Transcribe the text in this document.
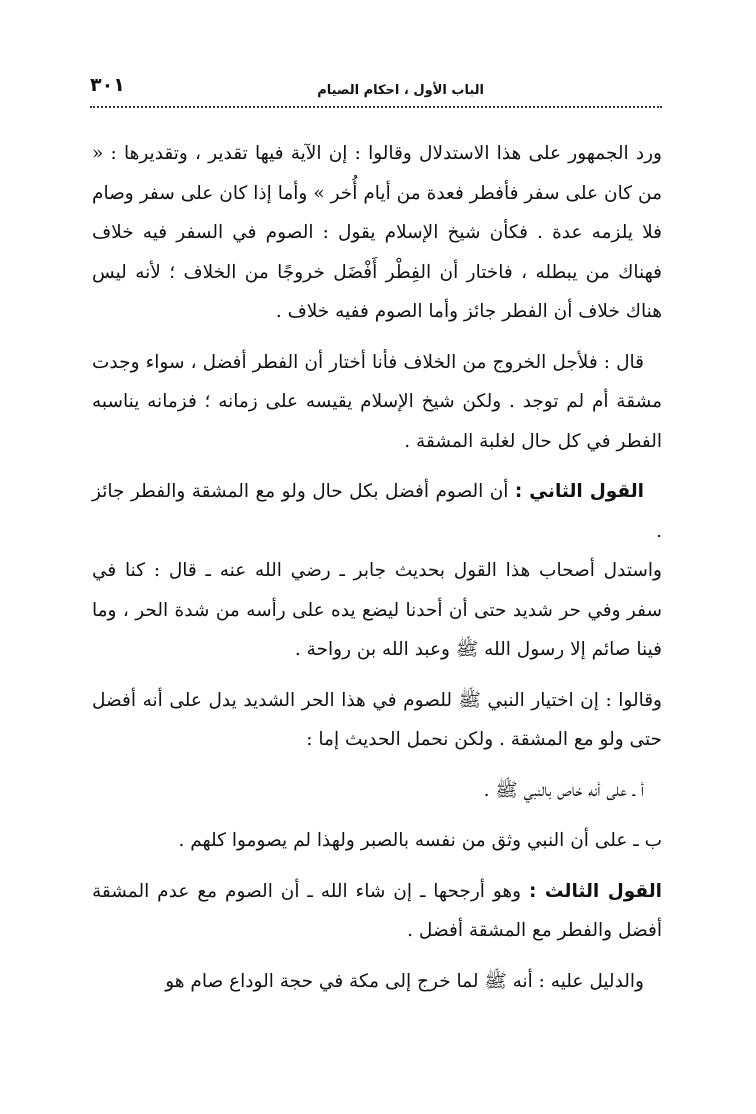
٣٠١	الباب الأول ، احكام الصيام

ورد الجمهور على هذا الاستدلال وقالوا : إن الآية فيها تقدير ، وتقديرها : « من كان على سفر فأفطر فعدة من أيام أُخر » وأما إذا كان على سفر وصام فلا يلزمه عدة . فكأن شيخ الإسلام يقول : الصوم في السفر فيه خلاف فهناك من يبطله ، فاختار أن الفِطْر أَفْضَل خروجًا من الخلاف ؛ لأنه ليس هناك خلاف أن الفطر جائز وأما الصوم ففيه خلاف .

قال : فلأجل الخروج من الخلاف فأنا أختار أن الفطر أفضل ، سواء وجدت مشقة أم لم توجد . ولكن شيخ الإسلام يقيسه على زمانه ؛ فزمانه يناسبه الفطر في كل حال لغلبة المشقة .

القول الثاني : أن الصوم أفضل بكل حال ولو مع المشقة والفطر جائز .

واستدل أصحاب هذا القول بحديث جابر ـ رضي الله عنه ـ قال : كنا في سفر وفي حر شديد حتى أن أحدنا ليضع يده على رأسه من شدة الحر ، وما فينا صائم إلا رسول الله ﷺ وعبد الله بن رواحة .

وقالوا : إن اختيار النبي ﷺ للصوم في هذا الحر الشديد يدل على أنه أفضل حتى ولو مع المشقة . ولكن نحمل الحديث إما :

أ ـ على أنه خاص بالنبي ﷺ .

ب ـ على أن النبي وثق من نفسه بالصبر ولهذا لم يصوموا كلهم .

القول الثالث : وهو أرجحها ـ إن شاء الله ـ أن الصوم مع عدم المشقة أفضل والفطر مع المشقة أفضل .

والدليل عليه : أنه ﷺ لما خرج إلى مكة في حجة الوداع صام هو
